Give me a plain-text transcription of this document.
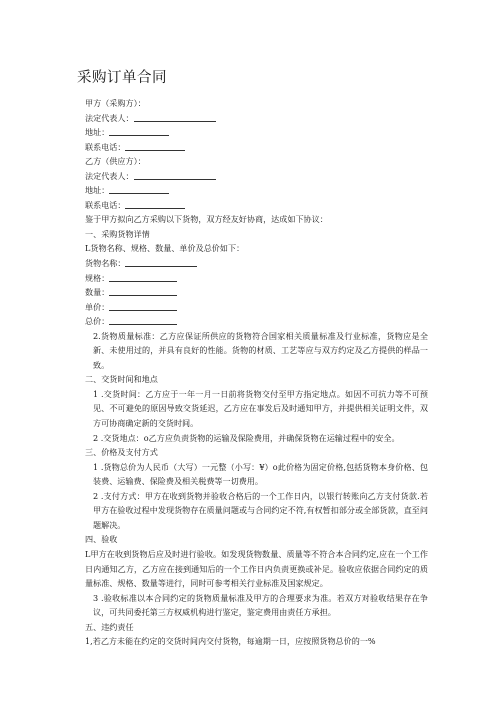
采购订单合同
甲方（采购方）：
法定代表人：
地址：
联系电话：
乙方（供应方）：
法定代表人：
地址：
联系电话：
鉴于甲方拟向乙方采购以下货物，双方经友好协商，达成如下协议：
一、采购货物详情
L货物名称、规格、数量、单价及总价如下：
货物名称：
规格：
数量：
单价：
总价：
2.货物质量标准：乙方应保证所供应的货物符合国家相关质量标准及行业标准，货物应是全新、未使用过的，并具有良好的性能。货物的材质、工艺等应与双方约定及乙方提供的样品一致。
二、交货时间和地点
1 .交货时间：乙方应于一年一月一日前将货物交付至甲方指定地点。如因不可抗力等不可预见、不可避免的原因导致交货延迟，乙方应在事发后及时通知甲方，并提供相关证明文件，双方可协商确定新的交货时间。
2 .交货地点：o乙方应负责货物的运输及保险费用，并确保货物在运输过程中的安全。
三、价格及支付方式
1 .货物总价为人民币（大写）一元整（小写：¥）o此价格为固定价格,包括货物本身价格、包装费、运输费、保险费及相关税费等一切费用。
2 .支付方式：甲方在收到货物并验收合格后的一个工作日内，以银行转账向乙方支付货款.若甲方在验收过程中发现货物存在质量问题或与合同约定不符,有权暂扣部分或全部货款，直至问题解决。
四、验收
L甲方在收到货物后应及时进行验收。如发现货物数量、质量等不符合本合同约定,应在一个工作日内通知乙方，乙方应在接到通知后的一个工作日内负责更换或补足。验收应依据合同约定的质量标准、规格、数量等进行，同时可参考相关行业标准及国家规定。
3 .验收标准以本合同约定的货物质量标准及甲方的合理要求为准。若双方对验收结果存在争议，可共同委托第三方权威机构进行鉴定，鉴定费用由责任方承担。
五、违约责任
1,若乙方未能在约定的交货时间内交付货物，每逾期一日，应按照货物总价的一%
